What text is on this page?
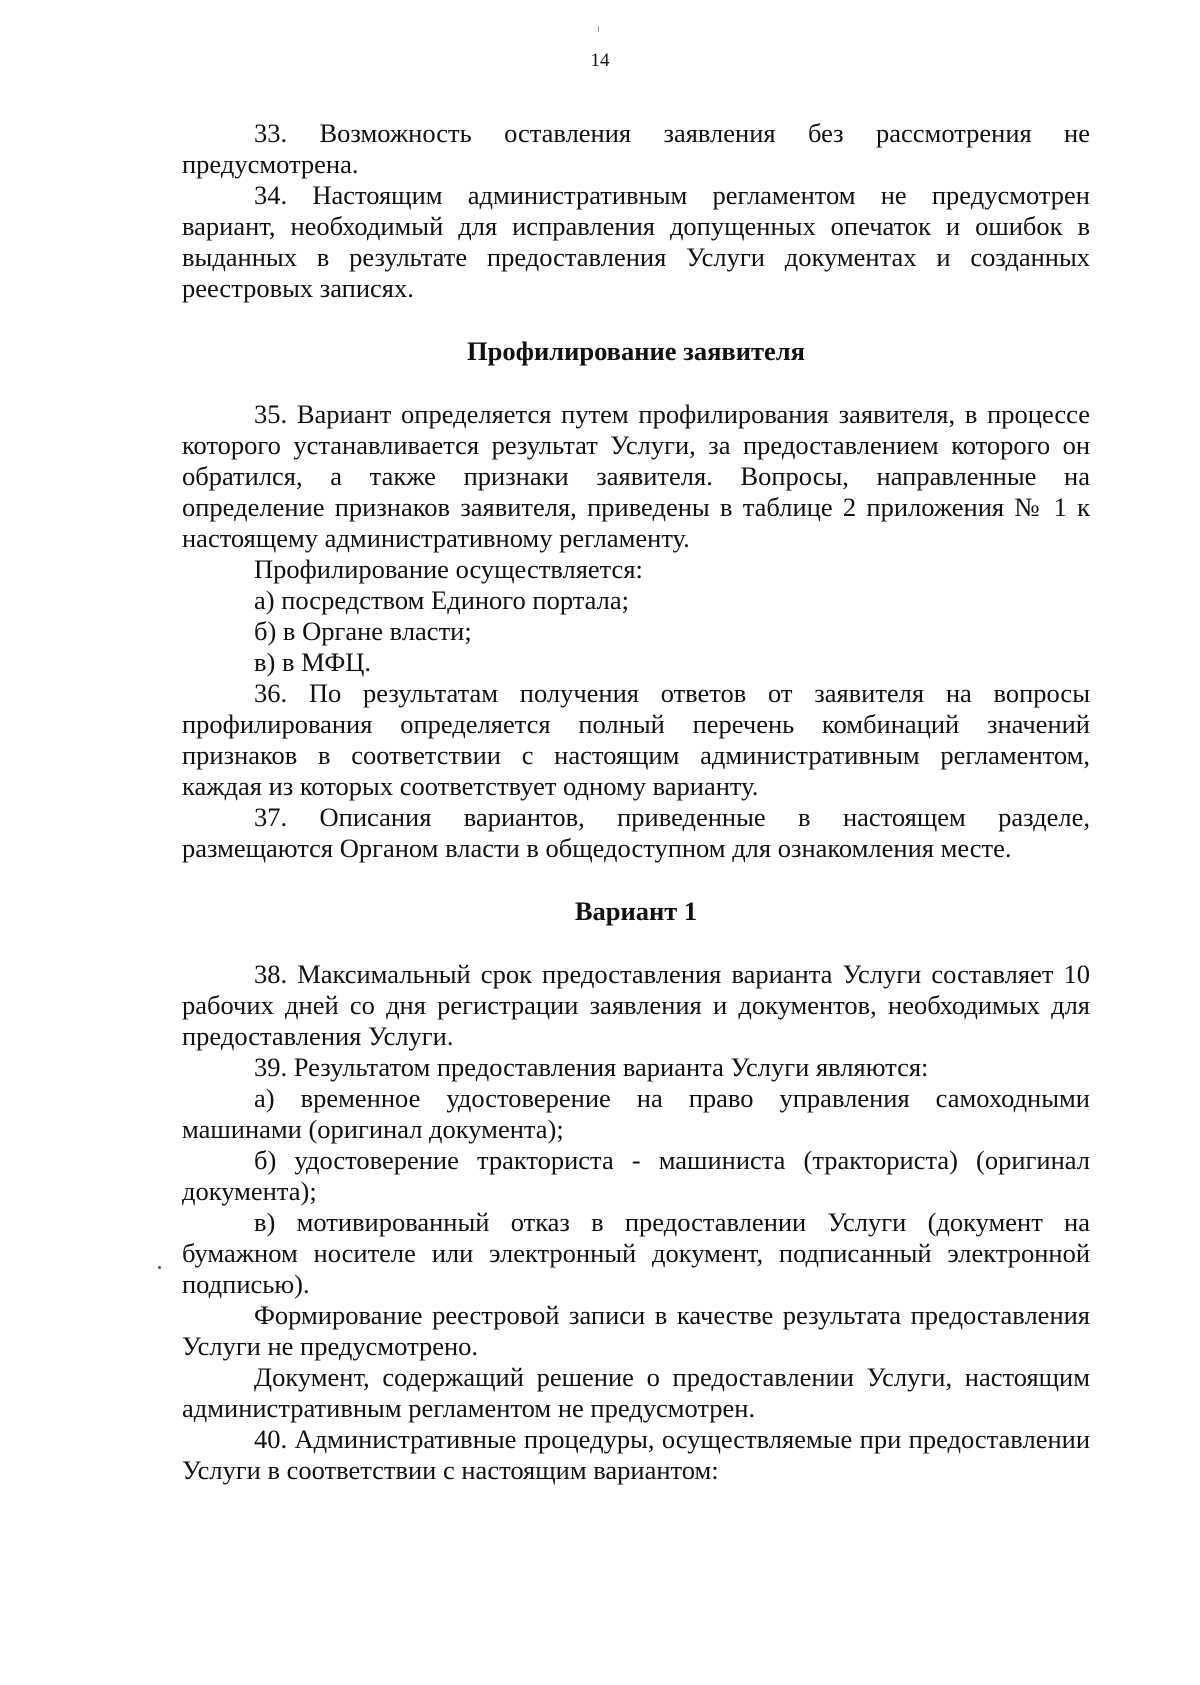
14

33. Возможность оставления заявления без рассмотрения не предусмотрена.

34. Настоящим административным регламентом не предусмотрен вариант, необходимый для исправления допущенных опечаток и ошибок в выданных в результате предоставления Услуги документах и созданных реестровых записях.

Профилирование заявителя

35. Вариант определяется путем профилирования заявителя, в процессе которого устанавливается результат Услуги, за предоставлением которого он обратился, а также признаки заявителя. Вопросы, направленные на определение признаков заявителя, приведены в таблице 2 приложения № 1 к настоящему административному регламенту.

Профилирование осуществляется:

а) посредством Единого портала;

б) в Органе власти;

в) в МФЦ.

36. По результатам получения ответов от заявителя на вопросы профилирования определяется полный перечень комбинаций значений признаков в соответствии с настоящим административным регламентом, каждая из которых соответствует одному варианту.

37. Описания вариантов, приведенные в настоящем разделе, размещаются Органом власти в общедоступном для ознакомления месте.

Вариант 1

38. Максимальный срок предоставления варианта Услуги составляет 10 рабочих дней со дня регистрации заявления и документов, необходимых для предоставления Услуги.

39. Результатом предоставления варианта Услуги являются:

а) временное удостоверение на право управления самоходными машинами (оригинал документа);

б) удостоверение тракториста - машиниста (тракториста) (оригинал документа);

в) мотивированный отказ в предоставлении Услуги (документ на бумажном носителе или электронный документ, подписанный электронной подписью).

Формирование реестровой записи в качестве результата предоставления Услуги не предусмотрено.

Документ, содержащий решение о предоставлении Услуги, настоящим административным регламентом не предусмотрен.

40. Административные процедуры, осуществляемые при предоставлении Услуги в соответствии с настоящим вариантом:
